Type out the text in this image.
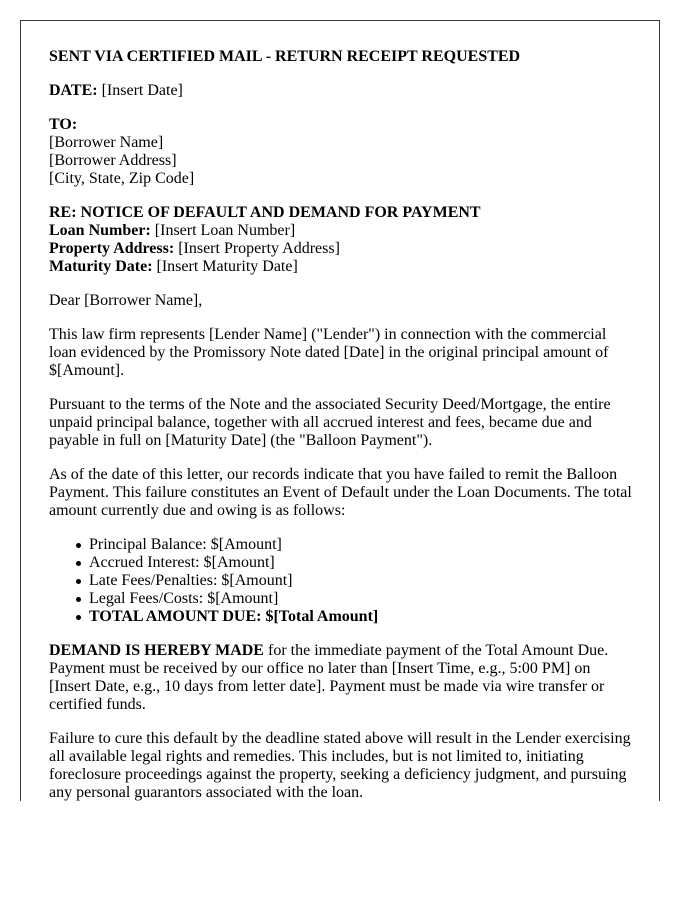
SENT VIA CERTIFIED MAIL - RETURN RECEIPT REQUESTED
DATE: [Insert Date]
TO:
[Borrower Name]
[Borrower Address]
[City, State, Zip Code]
RE: NOTICE OF DEFAULT AND DEMAND FOR PAYMENT
Loan Number: [Insert Loan Number]
Property Address: [Insert Property Address]
Maturity Date: [Insert Maturity Date]
Dear [Borrower Name],
This law firm represents [Lender Name] ("Lender") in connection with the commercial
loan evidenced by the Promissory Note dated [Date] in the original principal amount of
$[Amount].
Pursuant to the terms of the Note and the associated Security Deed/Mortgage, the entire
unpaid principal balance, together with all accrued interest and fees, became due and
payable in full on [Maturity Date] (the "Balloon Payment").
As of the date of this letter, our records indicate that you have failed to remit the Balloon
Payment. This failure constitutes an Event of Default under the Loan Documents. The total
amount currently due and owing is as follows:
Principal Balance: $[Amount]
Accrued Interest: $[Amount]
Late Fees/Penalties: $[Amount]
Legal Fees/Costs: $[Amount]
TOTAL AMOUNT DUE: $[Total Amount]
DEMAND IS HEREBY MADE for the immediate payment of the Total Amount Due.
Payment must be received by our office no later than [Insert Time, e.g., 5:00 PM] on
[Insert Date, e.g., 10 days from letter date]. Payment must be made via wire transfer or
certified funds.
Failure to cure this default by the deadline stated above will result in the Lender exercising
all available legal rights and remedies. This includes, but is not limited to, initiating
foreclosure proceedings against the property, seeking a deficiency judgment, and pursuing
any personal guarantors associated with the loan.
